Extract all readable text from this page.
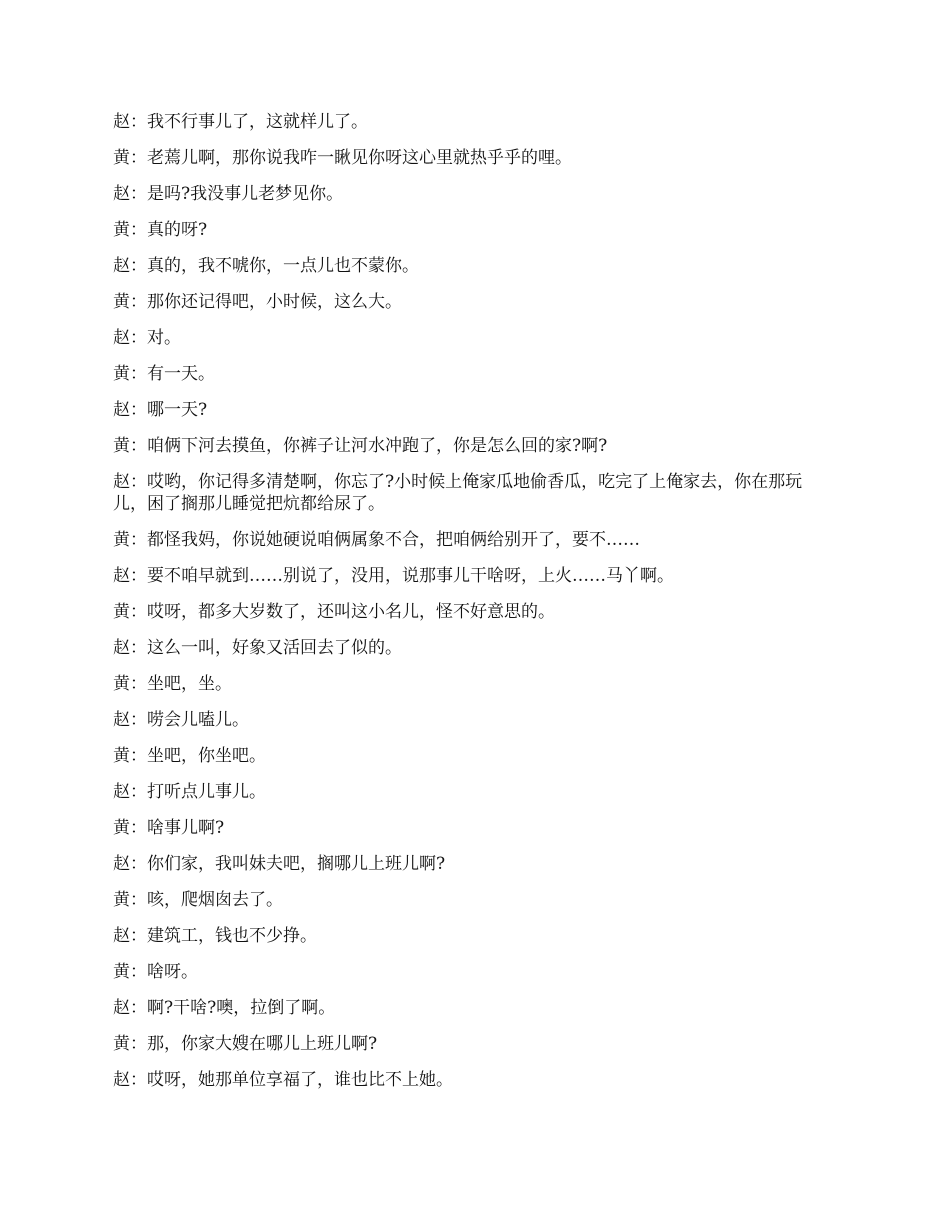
赵：我不行事儿了，这就样儿了。

黄：老蔫儿啊，那你说我咋一瞅见你呀这心里就热乎乎的哩。

赵：是吗?我没事儿老梦见你。

黄：真的呀?

赵：真的，我不唬你，一点儿也不蒙你。

黄：那你还记得吧，小时候，这么大。

赵：对。

黄：有一天。

赵：哪一天?

黄：咱俩下河去摸鱼，你裤子让河水冲跑了，你是怎么回的家?啊?

赵：哎哟，你记得多清楚啊，你忘了?小时候上俺家瓜地偷香瓜，吃完了上俺家去，你在那玩儿，困了搁那儿睡觉把炕都给尿了。

黄：都怪我妈，你说她硬说咱俩属象不合，把咱俩给别开了，要不……

赵：要不咱早就到……别说了，没用，说那事儿干啥呀，上火……马丫啊。

黄：哎呀，都多大岁数了，还叫这小名儿，怪不好意思的。

赵：这么一叫，好象又活回去了似的。

黄：坐吧，坐。

赵：唠会儿嗑儿。

黄：坐吧，你坐吧。

赵：打听点儿事儿。

黄：啥事儿啊?

赵：你们家，我叫妹夫吧，搁哪儿上班儿啊?

黄：咳，爬烟囱去了。

赵：建筑工，钱也不少挣。

黄：啥呀。

赵：啊?干啥?噢，拉倒了啊。

黄：那，你家大嫂在哪儿上班儿啊?

赵：哎呀，她那单位享福了，谁也比不上她。
